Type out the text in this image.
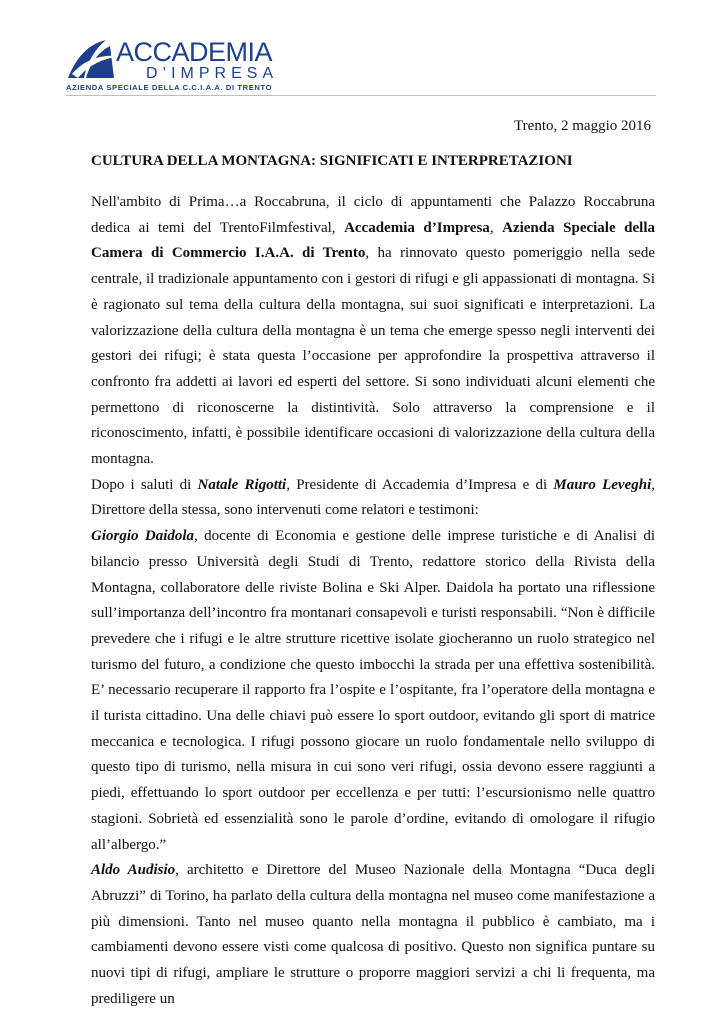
ACCADEMIA
D’IMPRESA
AZIENDA SPECIALE DELLA C.C.I.A.A. DI TRENTO
Trento, 2 maggio 2016
CULTURA DELLA MONTAGNA: SIGNIFICATI E INTERPRETAZIONI

Nell'ambito di Prima…a Roccabruna, il ciclo di appuntamenti che Palazzo Roccabruna dedica ai temi del TrentoFilmfestival, Accademia d’Impresa, Azienda Speciale della Camera di Commercio I.A.A. di Trento, ha rinnovato questo pomeriggio nella sede centrale, il tradizionale appuntamento con i gestori di rifugi e gli appassionati di montagna. Si è ragionato sul tema della cultura della montagna, sui suoi significati e interpretazioni. La valorizzazione della cultura della montagna è un tema che emerge spesso negli interventi dei gestori dei rifugi; è stata questa l’occasione per approfondire la prospettiva attraverso il confronto fra addetti ai lavori ed esperti del settore. Si sono individuati alcuni elementi che permettono di riconoscerne la distintività. Solo attraverso la comprensione e il riconoscimento, infatti, è possibile identificare occasioni di valorizzazione della cultura della montagna.

Dopo i saluti di Natale Rigotti, Presidente di Accademia d’Impresa e di Mauro Leveghi, Direttore della stessa, sono intervenuti come relatori e testimoni:

Giorgio Daidola, docente di Economia e gestione delle imprese turistiche e di Analisi di bilancio presso Università degli Studi di Trento, redattore storico della Rivista della Montagna, collaboratore delle riviste Bolina e Ski Alper. Daidola ha portato una riflessione sull’importanza dell’incontro fra montanari consapevoli e turisti responsabili. “Non è difficile prevedere che i rifugi e le altre strutture ricettive isolate giocheranno un ruolo strategico nel turismo del futuro, a condizione che questo imbocchi la strada per una effettiva sostenibilità. E’ necessario recuperare il rapporto fra l’ospite e l’ospitante, fra l’operatore della montagna e il turista cittadino. Una delle chiavi può essere lo sport outdoor, evitando gli sport di matrice meccanica e tecnologica. I rifugi possono giocare un ruolo fondamentale nello sviluppo di questo tipo di turismo, nella misura in cui sono veri rifugi, ossia devono essere raggiunti a piedi, effettuando lo sport outdoor per eccellenza e per tutti: l’escursionismo nelle quattro stagioni. Sobrietà ed essenzialità sono le parole d’ordine, evitando di omologare il rifugio all’albergo.”

Aldo Audisio, architetto e Direttore del Museo Nazionale della Montagna “Duca degli Abruzzi” di Torino, ha parlato della cultura della montagna nel museo come manifestazione a più dimensioni. Tanto nel museo quanto nella montagna il pubblico è cambiato, ma i cambiamenti devono essere visti come qualcosa di positivo. Questo non significa puntare su nuovi tipi di rifugi, ampliare le strutture o proporre maggiori servizi a chi li frequenta, ma prediligere un
